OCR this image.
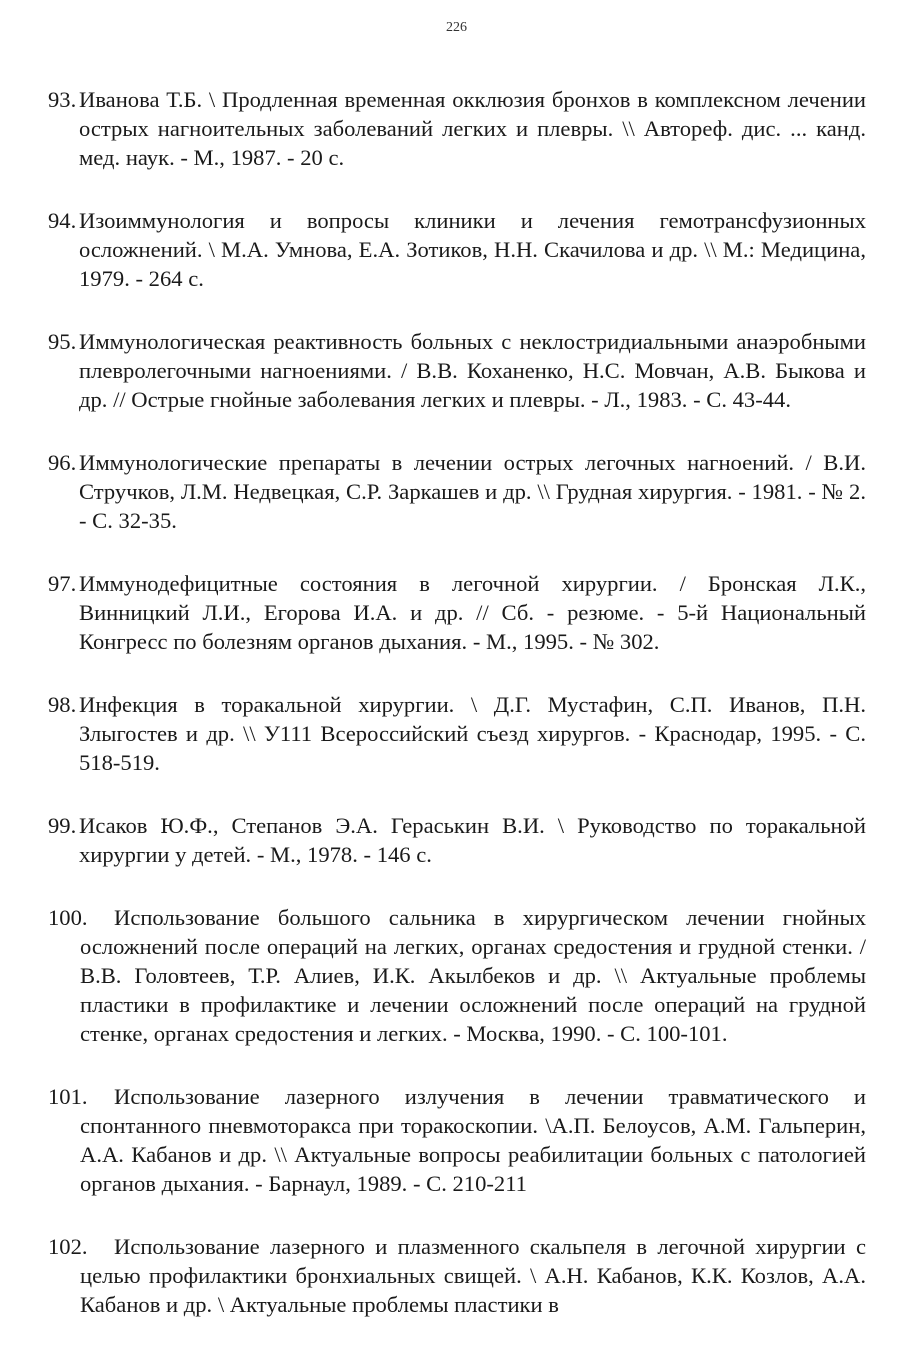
226
93. Иванова Т.Б. \ Продленная временная окклюзия бронхов в комплексном лечении острых нагноительных заболеваний легких и плевры. \\ Автореф. дис. ... канд. мед. наук. - М., 1987. - 20 с.
94. Изоиммунология и вопросы клиники и лечения гемотрансфузионных осложнений. \ М.А. Умнова, Е.А. Зотиков, Н.Н. Скачилова и др. \\ М.: Медицина, 1979. - 264 с.
95. Иммунологическая реактивность больных с неклостридиальными анаэробными плевролегочными нагноениями. / В.В. Коханенко, Н.С. Мовчан, А.В. Быкова и др. // Острые гнойные заболевания легких и плевры. - Л., 1983. - С. 43-44.
96. Иммунологические препараты в лечении острых легочных нагноений. / В.И. Стручков, Л.М. Недвецкая, С.Р. Заркашев и др. \\ Грудная хирургия. - 1981. - № 2. - С. 32-35.
97. Иммунодефицитные состояния в легочной хирургии. / Бронская Л.К., Винницкий Л.И., Егорова И.А. и др. // Сб. - резюме. - 5-й Национальный Конгресс по болезням органов дыхания. - М., 1995. - № 302.
98. Инфекция в торакальной хирургии. \ Д.Г. Мустафин, С.П. Иванов, П.Н. Злыгостев и др. \\ У111 Всероссийский съезд хирургов. - Краснодар, 1995. - С. 518-519.
99. Исаков Ю.Ф., Степанов Э.А. Гераськин В.И. \ Руководство по торакальной хирургии у детей. - М., 1978. - 146 с.
100.	Использование большого сальника в хирургическом лечении гнойных осложнений после операций на легких, органах средостения и грудной стенки. / В.В. Головтеев, Т.Р. Алиев, И.К. Акылбеков и др. \\ Актуальные проблемы пластики в профилактике и лечении осложнений после операций на грудной стенке, органах средостения и легких. - Москва, 1990. - С. 100-101.
101.	Использование лазерного излучения в лечении травматического и спонтанного пневмоторакса при торакоскопии. \А.П. Белоусов, А.М. Гальперин, А.А. Кабанов и др. \\ Актуальные вопросы реабилитации больных с патологией органов дыхания. - Барнаул, 1989. - С. 210-211
102.	Использование лазерного и плазменного скальпеля в легочной хирургии с целью профилактики бронхиальных свищей. \ А.Н. Кабанов, К.К. Козлов, А.А. Кабанов и др. \ Актуальные проблемы пластики в
